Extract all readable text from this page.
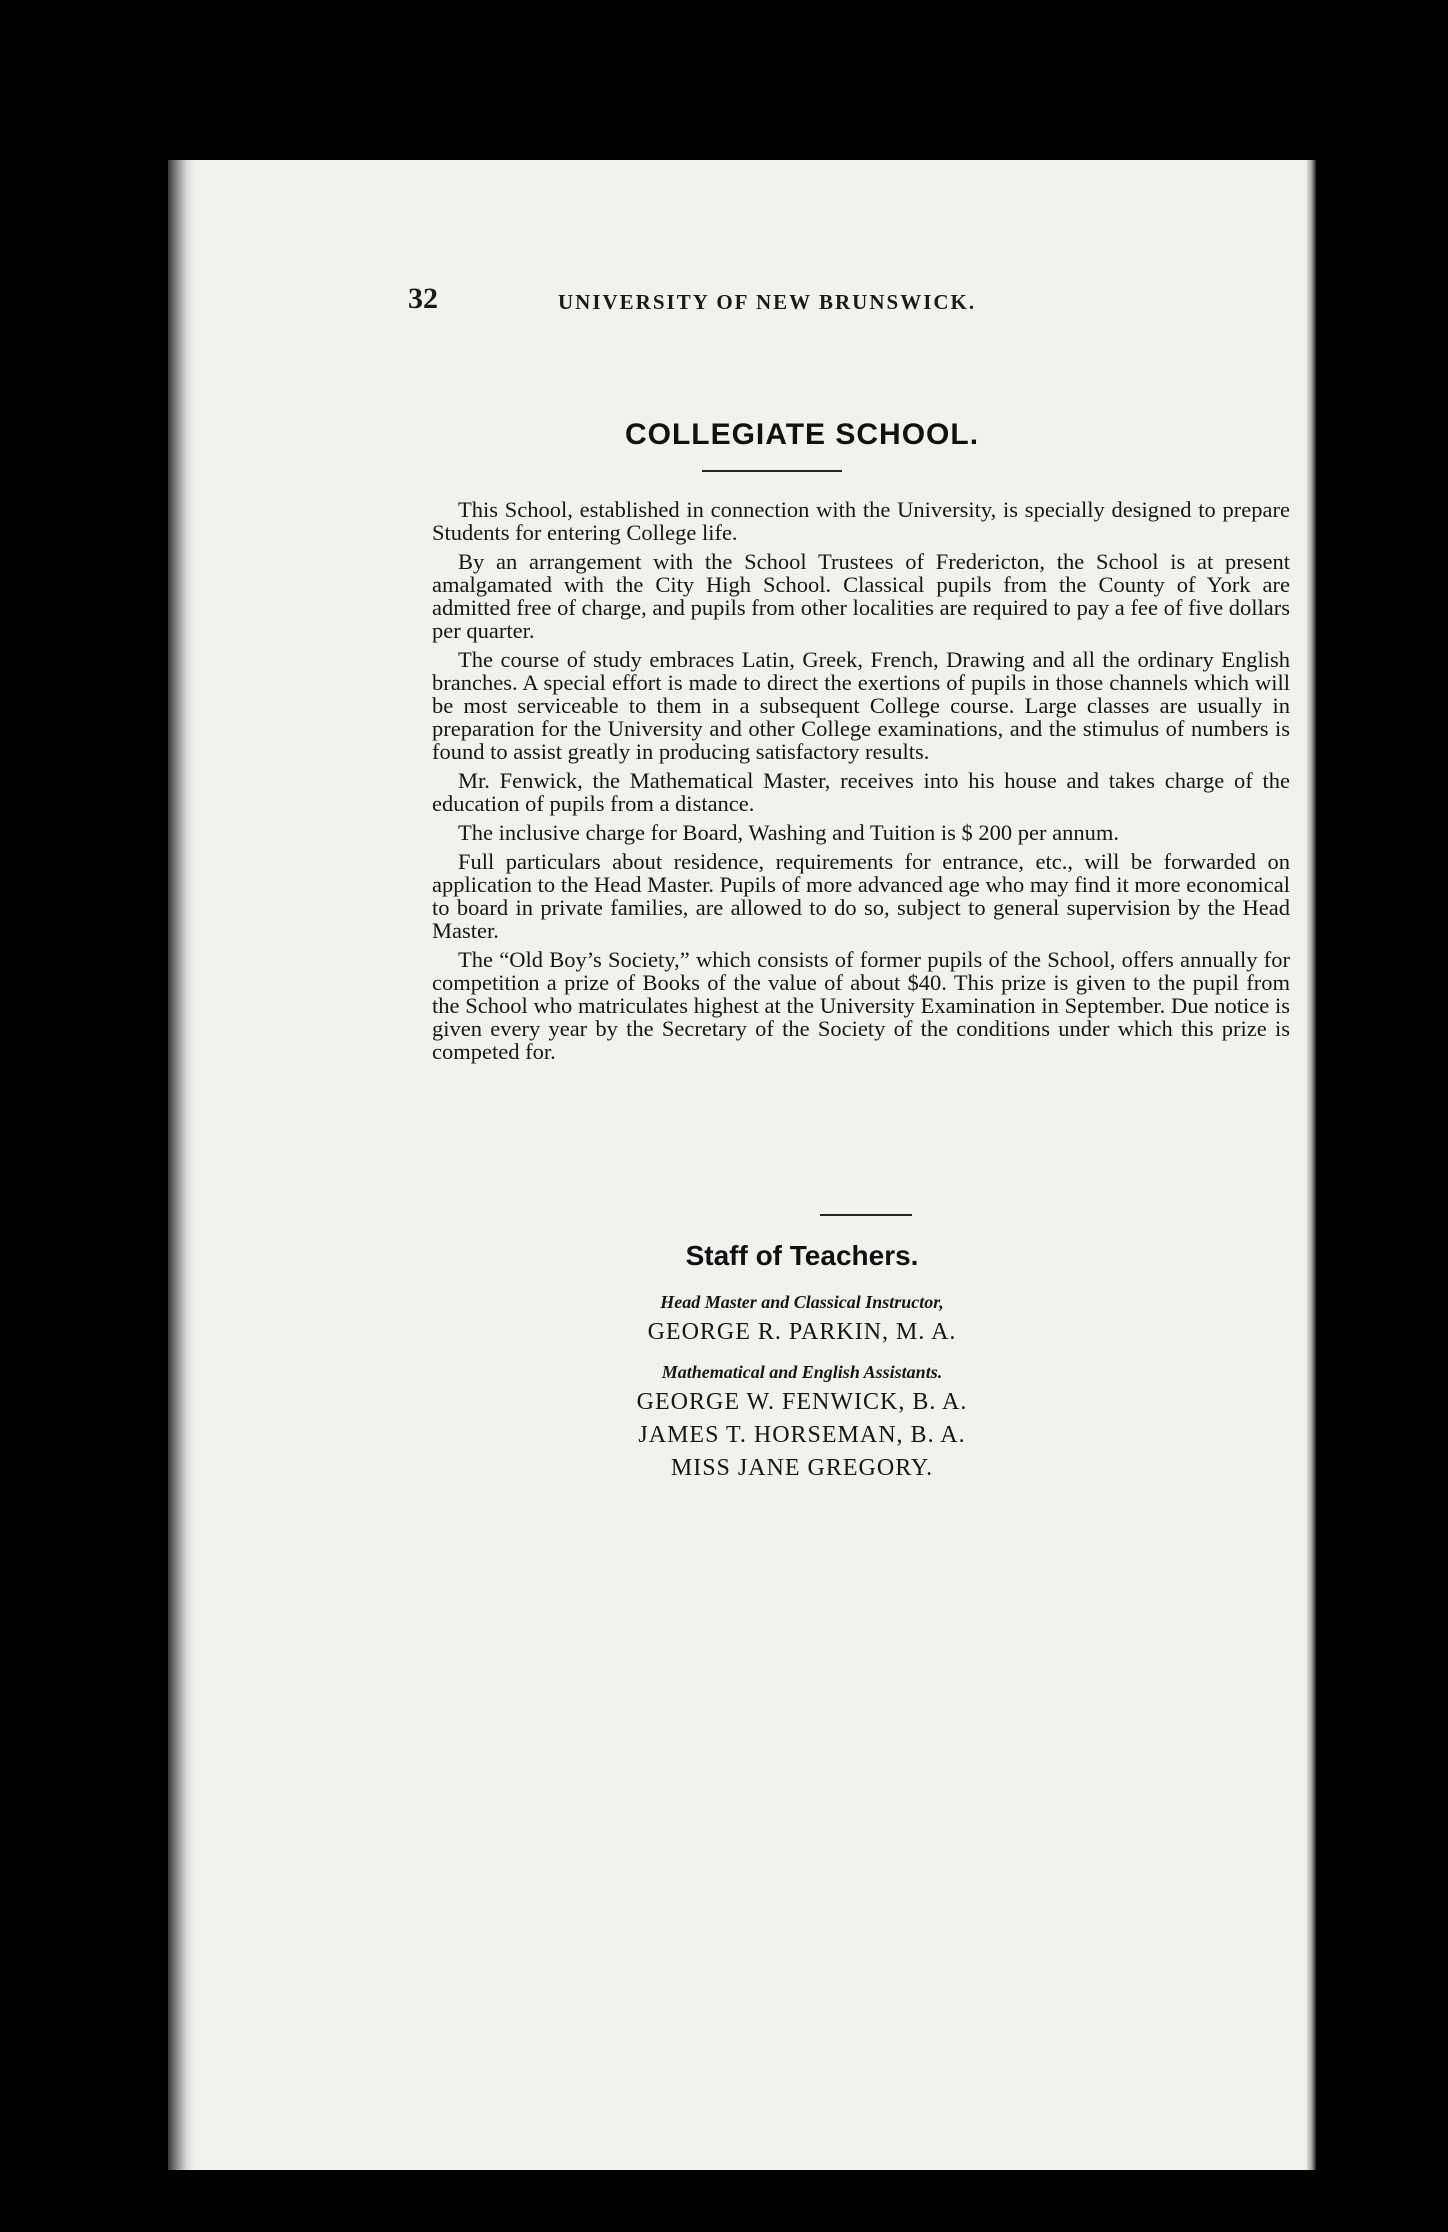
32	UNIVERSITY OF NEW BRUNSWICK.
COLLEGIATE SCHOOL.

This School, established in connection with the University, is specially designed to prepare Students for entering College life.

By an arrangement with the School Trustees of Fredericton, the School is at present amalgamated with the City High School. Classical pupils from the County of York are admitted free of charge, and pupils from other localities are required to pay a fee of five dollars per quarter.

The course of study embraces Latin, Greek, French, Drawing and all the ordinary English branches. A special effort is made to direct the exertions of pupils in those channels which will be most serviceable to them in a subsequent College course. Large classes are usually in preparation for the University and other College examinations, and the stimulus of numbers is found to assist greatly in producing satisfactory results.

Mr. Fenwick, the Mathematical Master, receives into his house and takes charge of the education of pupils from a distance.

The inclusive charge for Board, Washing and Tuition is $ 200 per annum.

Full particulars about residence, requirements for entrance, etc., will be forwarded on application to the Head Master. Pupils of more advanced age who may find it more economical to board in private families, are allowed to do so, subject to general supervision by the Head Master.

The “Old Boy’s Society,” which consists of former pupils of the School, offers annually for competition a prize of Books of the value of about $40. This prize is given to the pupil from the School who matriculates highest at the University Examination in September. Due notice is given every year by the Secretary of the Society of the conditions under which this prize is competed for.

Staff of Teachers.
Head Master and Classical Instructor,
GEORGE R. PARKIN, M. A.
Mathematical and English Assistants.
GEORGE W. FENWICK, B. A.
JAMES T. HORSEMAN, B. A.
MISS JANE GREGORY.
